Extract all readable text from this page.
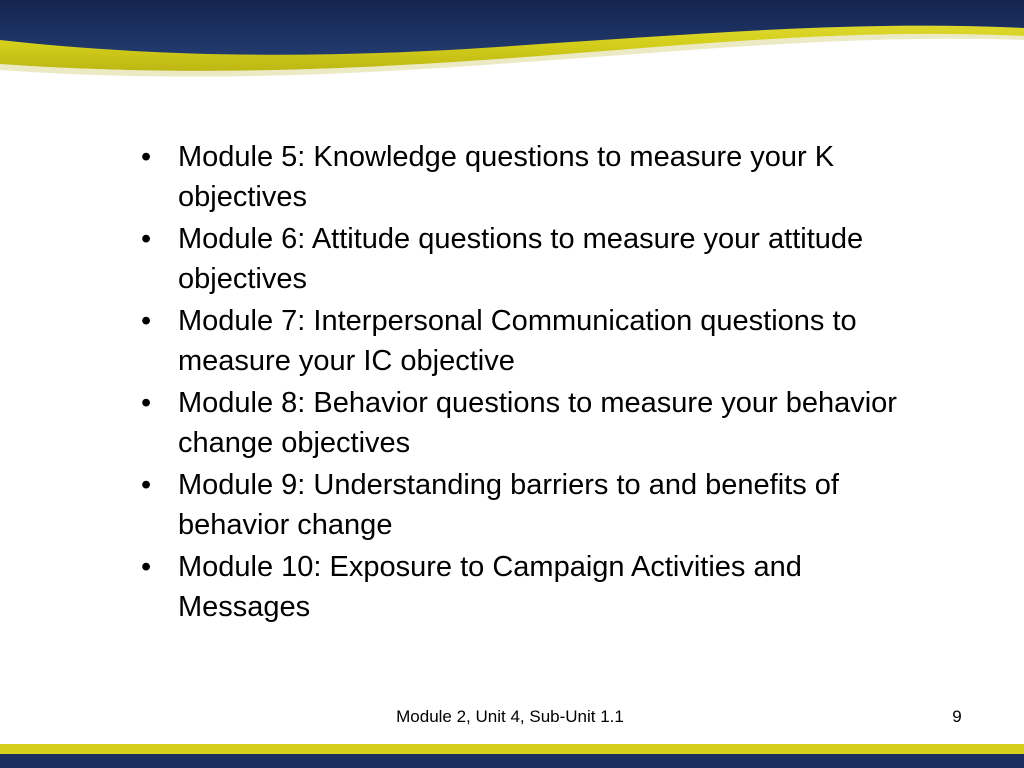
• Module 5: Knowledge questions to measure your K objectives
• Module 6: Attitude questions to measure your attitude objectives
• Module 7: Interpersonal Communication questions to measure your IC objective
• Module 8: Behavior questions to measure your behavior change objectives
• Module 9: Understanding barriers to and benefits of behavior change
• Module 10: Exposure to Campaign Activities and Messages
Module 2, Unit 4, Sub-Unit 1.1	9
